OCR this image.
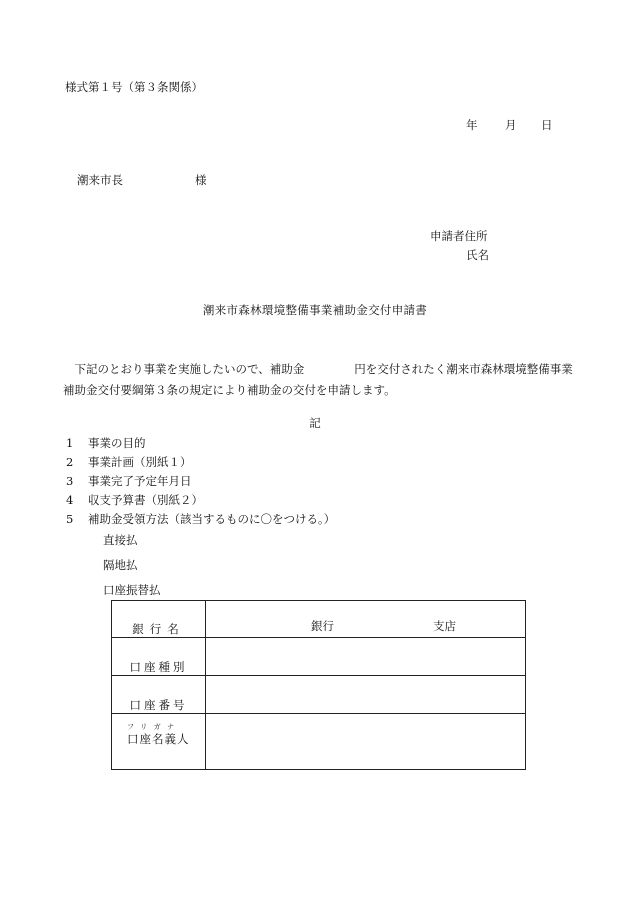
様式第１号（第３条関係）
年 月 日
潮来市長	様
申請者住所
氏名
潮来市森林環境整備事業補助金交付申請書
　下記のとおり事業を実施したいので、補助金	円を交付されたく潮来市森林環境整備事業補助金交付要綱第３条の規定により補助金の交付を申請します。
記
1 事業の目的
2 事業計画（別紙１）
3 事業完了予定年月日
4 収支予算書（別紙２）
5 補助金受領方法（該当するものに〇をつける。）
直接払
隔地払
口座振替払
銀行名	銀行 支店

口座種別	
口座番号	

フリガナ
口座名義人	
